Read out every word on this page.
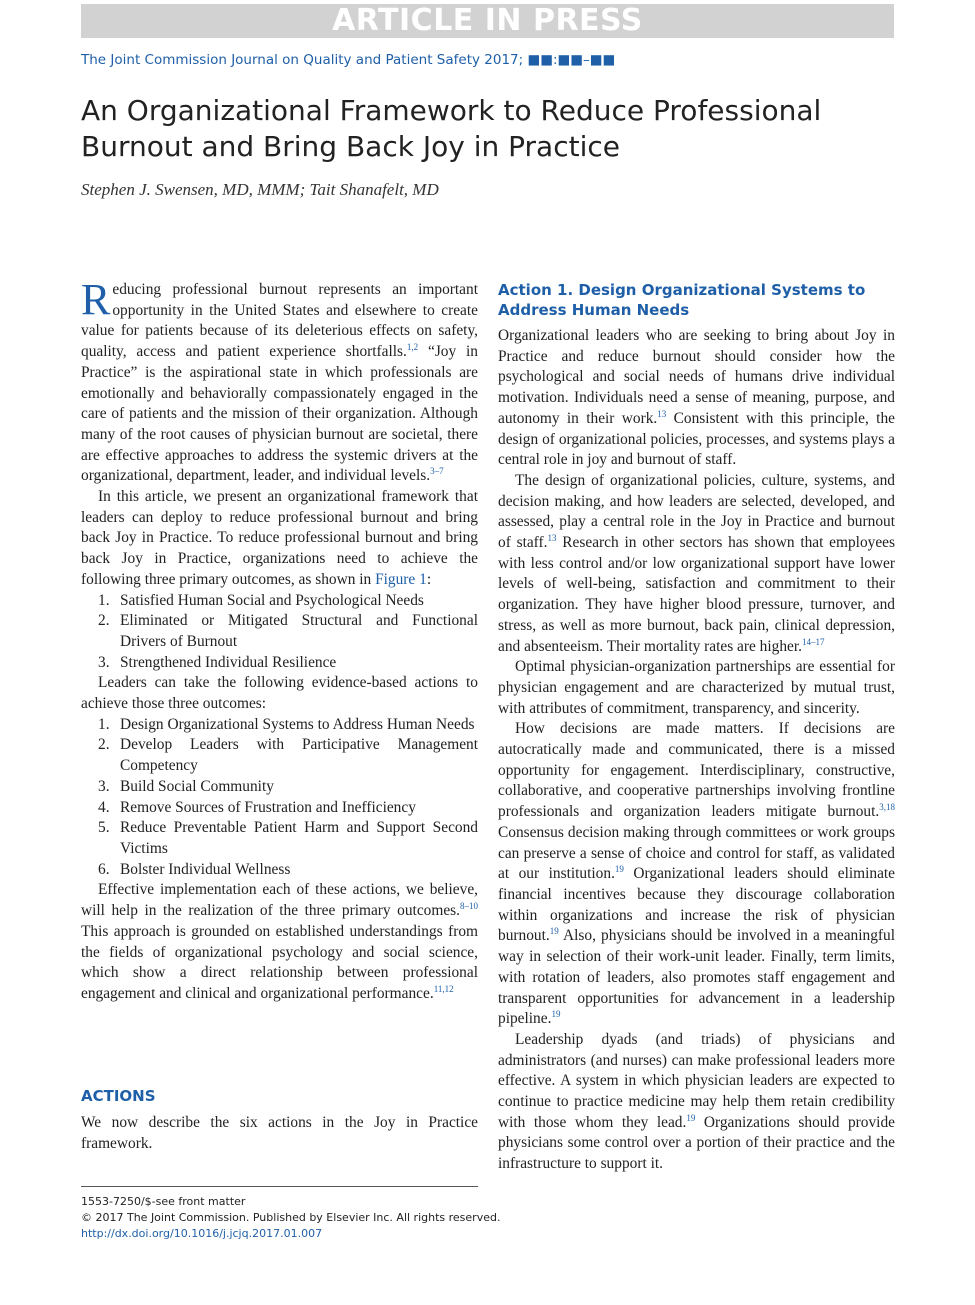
ARTICLE IN PRESS
The Joint Commission Journal on Quality and Patient Safety 2017; ■■:■■–■■
An Organizational Framework to Reduce Professional Burnout and Bring Back Joy in Practice
Stephen J. Swensen, MD, MMM; Tait Shanafelt, MD

Reducing professional burnout represents an important opportunity in the United States and elsewhere to create value for patients because of its deleterious effects on safety, quality, access and patient experience shortfalls.$^{1,2}$ “Joy in Practice” is the aspirational state in which professionals are emotionally and behaviorally compassionately engaged in the care of patients and the mission of their organization. Although many of the root causes of physician burnout are societal, there are effective approaches to address the systemic drivers at the organizational, department, leader, and individual levels.$^{3-7}$

In this article, we present an organizational framework that leaders can deploy to reduce professional burnout and bring back Joy in Practice. To reduce professional burnout and bring back Joy in Practice, organizations need to achieve the following three primary outcomes, as shown in Figure 1:

1. Satisfied Human Social and Psychological Needs
2. Eliminated or Mitigated Structural and Functional Drivers of Burnout
3. Strengthened Individual Resilience

Leaders can take the following evidence-based actions to achieve those three outcomes:

1. Design Organizational Systems to Address Human Needs
2. Develop Leaders with Participative Management Competency
3. Build Social Community
4. Remove Sources of Frustration and Inefficiency
5. Reduce Preventable Patient Harm and Support Second Victims
6. Bolster Individual Wellness

Effective implementation each of these actions, we believe, will help in the realization of the three primary outcomes.$^{8-10}$ This approach is grounded on established understandings from the fields of organizational psychology and social science, which show a direct relationship between professional engagement and clinical and organizational performance.$^{11,12}$

ACTIONS

We now describe the six actions in the Joy in Practice framework.

Action 1. Design Organizational Systems to Address Human Needs

Organizational leaders who are seeking to bring about Joy in Practice and reduce burnout should consider how the psychological and social needs of humans drive individual motivation. Individuals need a sense of meaning, purpose, and autonomy in their work.$^{13}$ Consistent with this principle, the design of organizational policies, processes, and systems plays a central role in joy and burnout of staff.

The design of organizational policies, culture, systems, and decision making, and how leaders are selected, developed, and assessed, play a central role in the Joy in Practice and burnout of staff.$^{13}$ Research in other sectors has shown that employees with less control and/or low organizational support have lower levels of well-being, satisfaction and commitment to their organization. They have higher blood pressure, turnover, and stress, as well as more burnout, back pain, clinical depression, and absenteeism. Their mortality rates are higher.$^{14-17}$

Optimal physician-organization partnerships are essential for physician engagement and are characterized by mutual trust, with attributes of commitment, transparency, and sincerity.

How decisions are made matters. If decisions are autocratically made and communicated, there is a missed opportunity for engagement. Interdisciplinary, constructive, collaborative, and cooperative partnerships involving frontline professionals and organization leaders mitigate burnout.$^{3,18}$ Consensus decision making through committees or work groups can preserve a sense of choice and control for staff, as validated at our institution.$^{19}$ Organizational leaders should eliminate financial incentives because they discourage collaboration within organizations and increase the risk of physician burnout.$^{19}$ Also, physicians should be involved in a meaningful way in selection of their work-unit leader. Finally, term limits, with rotation of leaders, also promotes staff engagement and transparent opportunities for advancement in a leadership pipeline.$^{19}$

Leadership dyads (and triads) of physicians and administrators (and nurses) can make professional leaders more effective. A system in which physician leaders are expected to continue to practice medicine may help them retain credibility with those whom they lead.$^{19}$ Organizations should provide physicians some control over a portion of their practice and the infrastructure to support it.

1553-7250/$-see front matter
© 2017 The Joint Commission. Published by Elsevier Inc. All rights reserved.
http://dx.doi.org/10.1016/j.jcjq.2017.01.007
